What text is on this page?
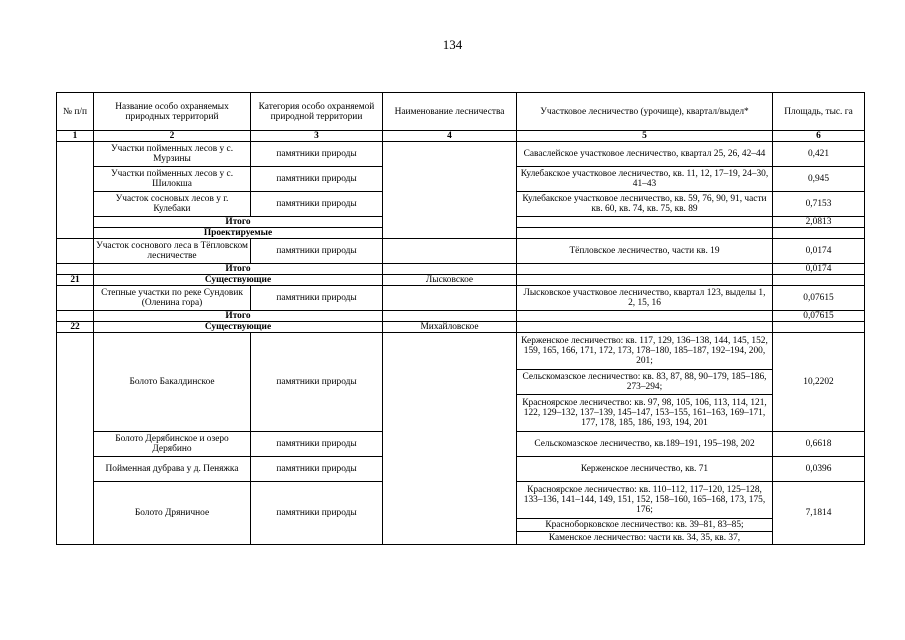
134
№ п/п	Название особо охраняемых природных территорий	Категория особо охраняемой природной территории	Наименование лесничества	Участковое лесничество (урочище), квартал/выдел*	Площадь, тыс. га
1	2	3	4	5	6
	Участки пойменных лесов у с. Мурзины	памятники природы		Саваслейское участковое лесничество, квартал 25, 26, 42–44	0,421
	Участки пойменных лесов у с. Шилокша	памятники природы		Кулебакское участковое лесничество, кв. 11, 12, 17–19, 24–30, 41–43	0,945
	Участок сосновых лесов у г. Кулебаки	памятники природы		Кулебакское участковое лесничество, кв. 59, 76, 90, 91, части кв. 60, кв. 74, кв. 75, кв. 89	0,7153
	Итого				2,0813
	Проектируемые				
	Участок соснового леса в Тёпловском лесничестве	памятники природы		Тёпловское лесничество, части кв. 19	0,0174
	Итого				0,0174
21	Существующие		Лысковское		
	Степные участки по реке Сундовик (Оленина гора)	памятники природы		Лысковское участковое лесничество, квартал 123, выделы 1, 2, 15, 16	0,07615
	Итого				0,07615
22	Существующие		Михайловское		
	Болото Бакалдинское	памятники природы		Керженское лесничество: кв. 117, 129, 136–138, 144, 145, 152, 159, 165, 166, 171, 172, 173, 178–180, 185–187, 192–194, 200, 201;	10,2202
				Сельскомазское лесничество: кв. 83, 87, 88, 90–179, 185–186, 273–294;	
				Красноярское лесничество: кв. 97, 98, 105, 106, 113, 114, 121, 122, 129–132, 137–139, 145–147, 153–155, 161–163, 169–171, 177, 178, 185, 186, 193, 194, 201	
	Болото Дерябинское и озеро Дерябино	памятники природы		Сельскомазское лесничество, кв.189–191, 195–198, 202	0,6618
	Пойменная дубрава у д. Пеняжка	памятники природы		Керженское лесничество, кв. 71	0,0396
	Болото Дряничное	памятники природы		Красноярское лесничество: кв. 110–112, 117–120, 125–128, 133–136, 141–144, 149, 151, 152, 158–160, 165–168, 173, 175, 176;	7,1814
				Красноборковское лесничество: кв. 39–81, 83–85;	
				Каменское лесничество: части кв. 34, 35, кв. 37,	
